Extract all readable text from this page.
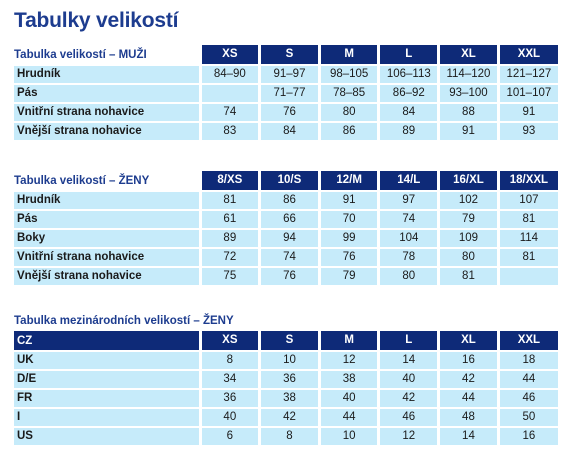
Tabulky velikostí
Tabulka velikostí – MUŽI	XS	S	M	L	XL	XXL
Hrudník	84–90	91–97	98–105	106–113	114–120	121–127
Pás		71–77	78–85	86–92	93–100	101–107
Vnitřní strana nohavice	74	76	80	84	88	91
Vnější strana nohavice	83	84	86	89	91	93
Tabulka velikostí – ŽENY	8/XS	10/S	12/M	14/L	16/XL	18/XXL
Hrudník	81	86	91	97	102	107
Pás	61	66	70	74	79	81
Boky	89	94	99	104	109	114
Vnitřní strana nohavice	72	74	76	78	80	81
Vnější strana nohavice	75	76	79	80	81	
Tabulka mezinárodních velikostí – ŽENY
CZ	XS	S	M	L	XL	XXL
UK	8	10	12	14	16	18
D/E	34	36	38	40	42	44
FR	36	38	40	42	44	46
I	40	42	44	46	48	50
US	6	8	10	12	14	16
